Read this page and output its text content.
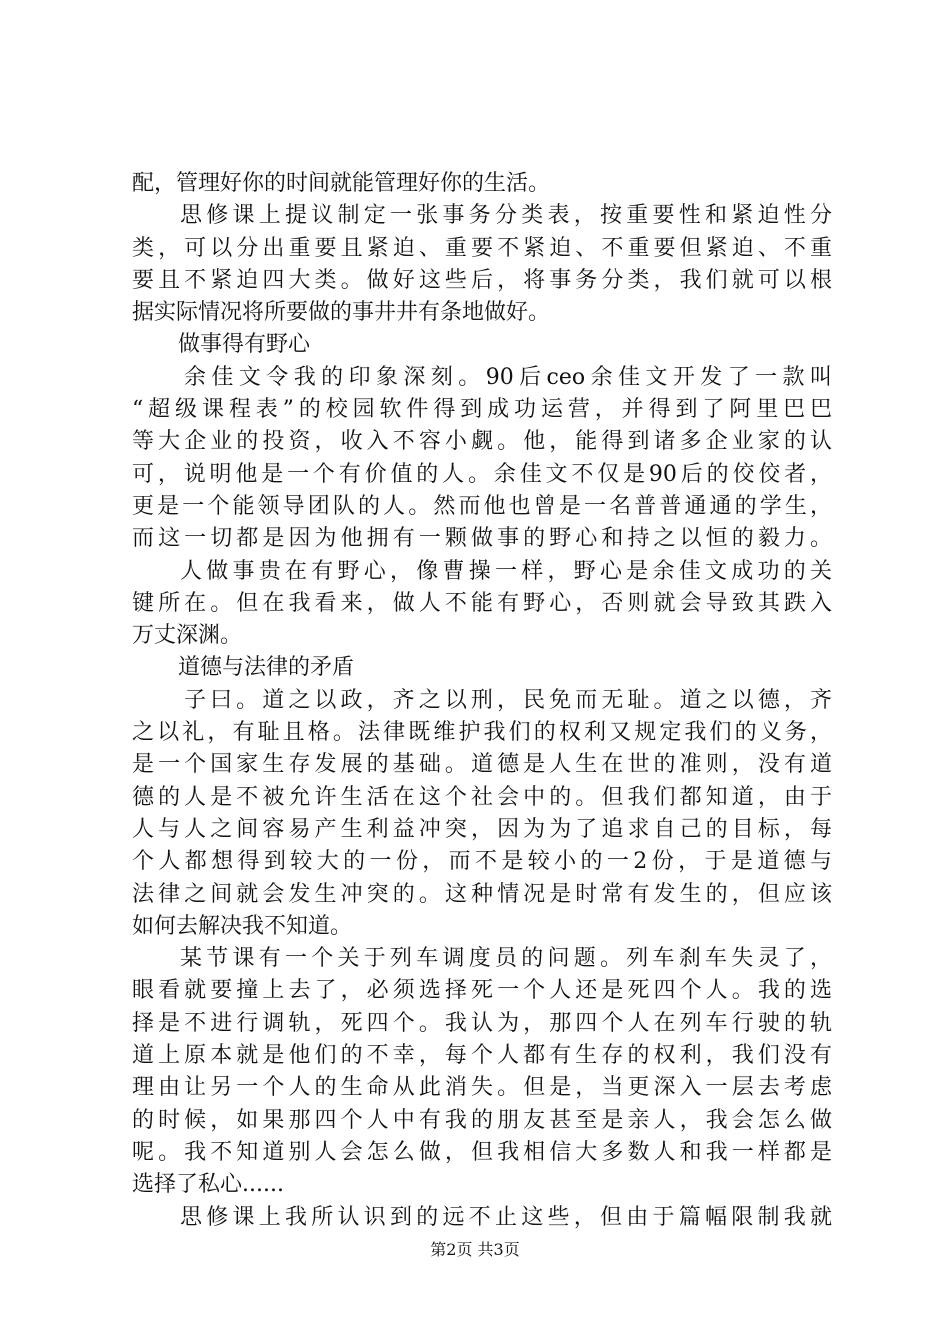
配，管理好你的时间就能管理好你的生活。
思修课上提议制定一张事务分类表，按重要性和紧迫性分
类，可以分出重要且紧迫、重要不紧迫、不重要但紧迫、不重
要且不紧迫四大类。做好这些后，将事务分类，我们就可以根
据实际情况将所要做的事井井有条地做好。
做事得有野心
余佳文令我的印象深刻。90后ceo余佳文开发了一款叫
“超级课程表”的校园软件得到成功运营，并得到了阿里巴巴
等大企业的投资，收入不容小觑。他，能得到诸多企业家的认
可，说明他是一个有价值的人。余佳文不仅是90后的佼佼者，
更是一个能领导团队的人。然而他也曾是一名普普通通的学生，
而这一切都是因为他拥有一颗做事的野心和持之以恒的毅力。
人做事贵在有野心，像曹操一样，野心是余佳文成功的关
键所在。但在我看来，做人不能有野心，否则就会导致其跌入
万丈深渊。
道德与法律的矛盾
子曰。道之以政，齐之以刑，民免而无耻。道之以德，齐
之以礼，有耻且格。法律既维护我们的权利又规定我们的义务，
是一个国家生存发展的基础。道德是人生在世的准则，没有道
德的人是不被允许生活在这个社会中的。但我们都知道，由于
人与人之间容易产生利益冲突，因为为了追求自己的目标，每
个人都想得到较大的一份，而不是较小的一2份，于是道德与
法律之间就会发生冲突的。这种情况是时常有发生的，但应该
如何去解决我不知道。
某节课有一个关于列车调度员的问题。列车刹车失灵了，
眼看就要撞上去了，必须选择死一个人还是死四个人。我的选
择是不进行调轨，死四个。我认为，那四个人在列车行驶的轨
道上原本就是他们的不幸，每个人都有生存的权利，我们没有
理由让另一个人的生命从此消失。但是，当更深入一层去考虑
的时候，如果那四个人中有我的朋友甚至是亲人，我会怎么做
呢。我不知道别人会怎么做，但我相信大多数人和我一样都是
选择了私心......
思修课上我所认识到的远不止这些，但由于篇幅限制我就
第2页 共3页
